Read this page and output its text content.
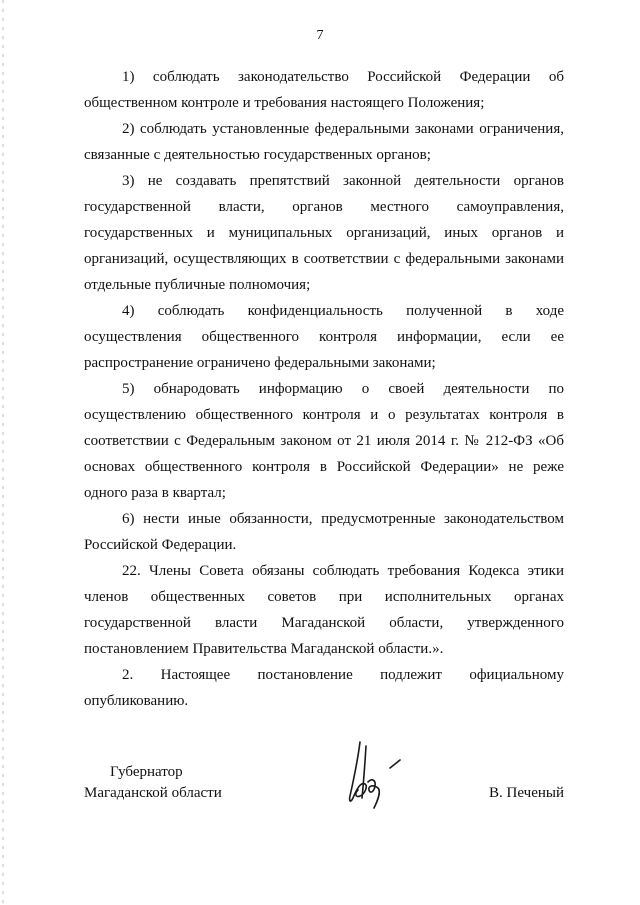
7

1) соблюдать законодательство Российской Федерации об общественном контроле и требования настоящего Положения;

2) соблюдать установленные федеральными законами ограничения, связанные с деятельностью государственных органов;

3) не создавать препятствий законной деятельности органов государственной власти, органов местного самоуправления, государственных и муниципальных организаций, иных органов и организаций, осуществляющих в соответствии с федеральными законами отдельные публичные полномочия;

4) соблюдать конфиденциальность полученной в ходе осуществления общественного контроля информации, если ее распространение ограничено федеральными законами;

5) обнародовать информацию о своей деятельности по осуществлению общественного контроля и о результатах контроля в соответствии с Федеральным законом от 21 июля 2014 г. № 212-ФЗ «Об основах общественного контроля в Российской Федерации» не реже одного раза в квартал;

6) нести иные обязанности, предусмотренные законодательством Российской Федерации.

22. Члены Совета обязаны соблюдать требования Кодекса этики членов общественных советов при исполнительных органах государственной власти Магаданской области, утвержденного постановлением Правительства Магаданской области.».

2. Настоящее постановление подлежит официальному опубликованию.

Губернатор
Магаданской области	В. Печеный
